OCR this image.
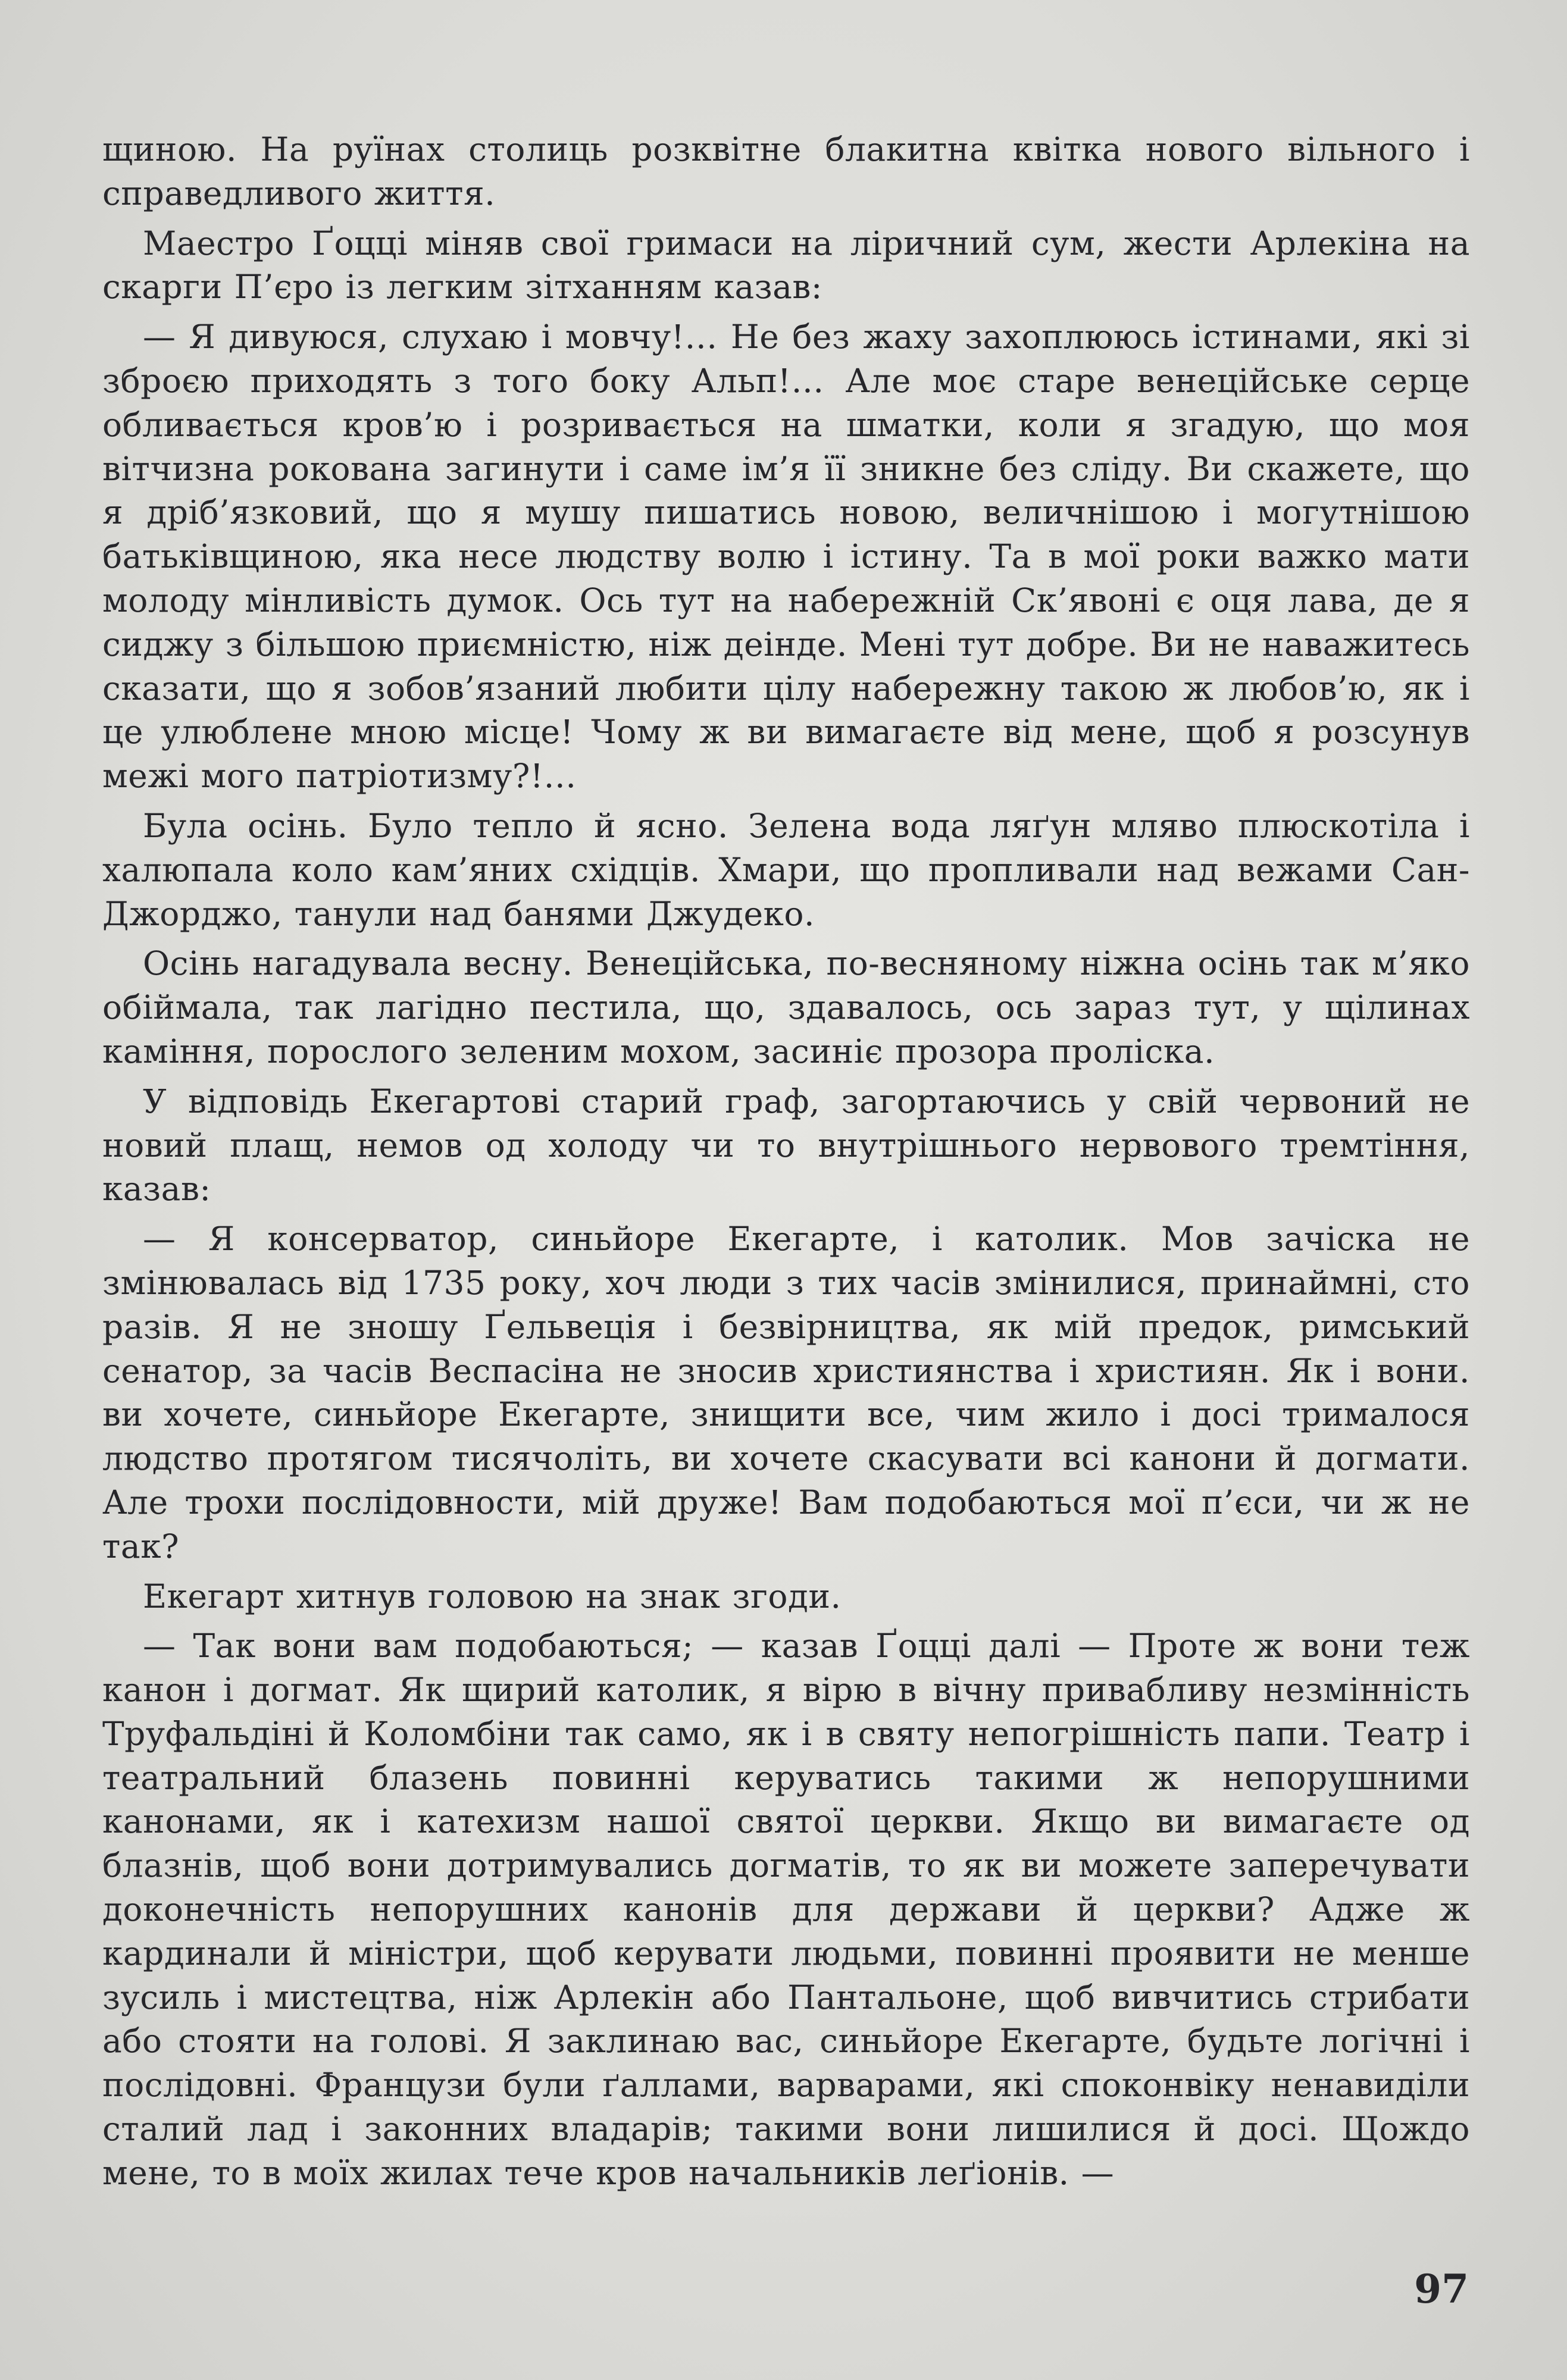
щиною. На руїнах столиць розквітне блакитна квітка нового вільного і справедливого життя.

Маестро Ґоцці міняв свої гримаси на ліричний сум, жести Арлекіна на скарги П’єро із легким зітханням казав:

— Я дивуюся, слухаю і мовчу!… Не без жаху захоплююсь істинами, які зі зброєю приходять з того боку Альп!… Але моє старе венеційське серце обливається кров’ю і розривається на шматки, коли я згадую, що моя вітчизна рокована загинути і саме ім’я її зникне без сліду. Ви скажете, що я дріб’язковий, що я мушу пишатись новою, величнішою і могутнішою батьківщиною, яка несе людству волю і істину. Та в мої роки важко мати молоду мінливість думок. Ось тут на набережній Ск’явоні є оця лава, де я сиджу з більшою приємністю, ніж деінде. Мені тут добре. Ви не наважитесь сказати, що я зобов’язаний любити цілу набережну такою ж любов’ю, як і це улюблене мною місце! Чому ж ви вимагаєте від мене, щоб я розсунув межі мого патріотизму?!…

Була осінь. Було тепло й ясно. Зелена вода ляґун мляво плюскотіла і халюпала коло кам’яних східців. Хмари, що пропливали над вежами Сан-Джорджо, танули над банями Джудеко.

Осінь нагадувала весну. Венеційська, по-весняному ніжна осінь так м’яко обіймала, так лагідно пестила, що, здавалось, ось зараз тут, у щілинах каміння, порослого зеленим мохом, засиніє прозора проліска.

У відповідь Екегартові старий граф, загортаючись у свій червоний не новий плащ, немов од холоду чи то внутрішнього нервового тремтіння, казав:

— Я консерватор, синьйоре Екегарте, і католик. Мов зачіска не змінювалась від 1735 року, хоч люди з тих часів змінилися, принаймні, сто разів. Я не зношу Ґельвеція і безвірництва, як мій предок, римський сенатор, за часів Веспасіна не зносив християнства і християн. Як і вони. ви хочете, синьйоре Екегарте, знищити все, чим жило і досі трималося людство протягом тисячоліть, ви хочете скасувати всі канони й догмати. Але трохи послідовности, мій друже! Вам подобаються мої п’єси, чи ж не так?

Екегарт хитнув головою на знак згоди.

— Так вони вам подобаються; — казав Ґоцці далі — Проте ж вони теж канон і догмат. Як щирий католик, я вірю в вічну привабливу незмінність Труфальдіні й Коломбіни так само, як і в святу непогрішність папи. Театр і театральний блазень повинні керуватись такими ж непорушними канонами, як і катехизм нашої святої церкви. Якщо ви вимагаєте од блазнів, щоб вони дотримувались догматів, то як ви можете заперечувати доконечність непорушних канонів для держави й церкви? Адже ж кардинали й міністри, щоб керувати людьми, повинні проявити не менше зусиль і мистецтва, ніж Арлекін або Пантальоне, щоб вивчитись стрибати або стояти на голові. Я заклинаю вас, синьйоре Екегарте, будьте логічні і послідовні. Французи були ґаллами, варварами, які споконвіку ненавиділи сталий лад і законних владарів; такими вони лишилися й досі. Щождо мене, то в моїх жилах тече кров начальників леґіонів. —

97
